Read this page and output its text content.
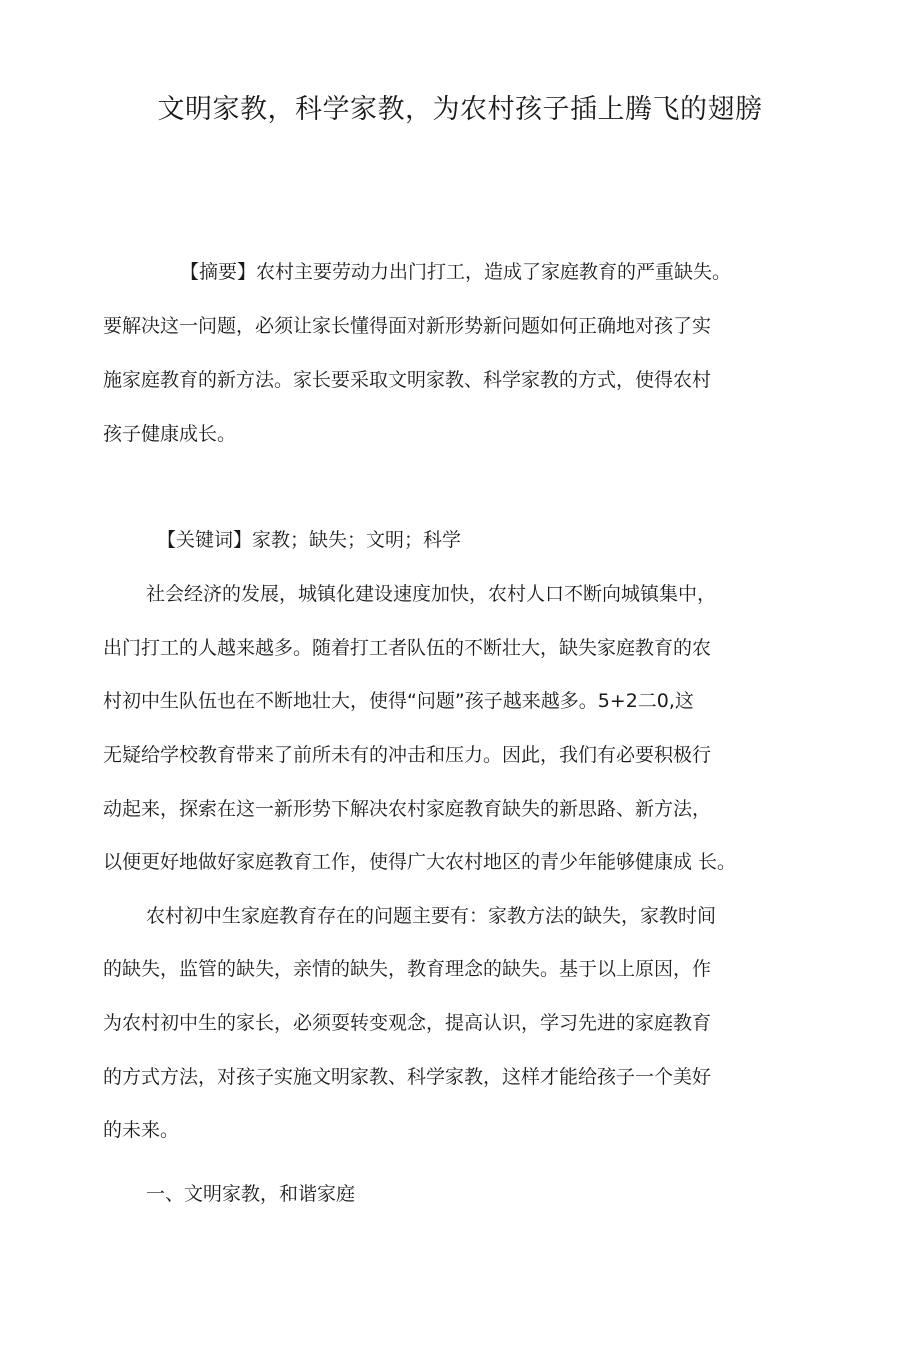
文明家教，科学家教，为农村孩子插上腾飞的翅膀
【摘要】农村主要劳动力出门打工，造成了家庭教育的严重缺失。
要解决这一问题，必须让家长懂得面对新形势新问题如何正确地对孩了实
施家庭教育的新方法。家长要采取文明家教、科学家教的方式，使得农村
孩子健康成长。
【关键词】家教；缺失；文明；科学
社会经济的发展，城镇化建设速度加快，农村人口不断向城镇集中，
出门打工的人越来越多。随着打工者队伍的不断壮大，缺失家庭教育的农
村初中生队伍也在不断地壮大，使得“问题”孩子越来越多。5+2二0,这
无疑给学校教育带来了前所未有的冲击和压力。因此，我们有必要积极行
动起来，探索在这一新形势下解决农村家庭教育缺失的新思路、新方法，
以便更好地做好家庭教育工作，使得广大农村地区的青少年能够健康成 长。
农村初中生家庭教育存在的问题主要有：家教方法的缺失，家教时间
的缺失，监管的缺失，亲情的缺失，教育理念的缺失。基于以上原因，作
为农村初中生的家长，必须耍转变观念，提高认识，学习先进的家庭教育
的方式方法，对孩子实施文明家教、科学家教，这样才能给孩子一个美好
的未来。
一、文明家教，和谐家庭
